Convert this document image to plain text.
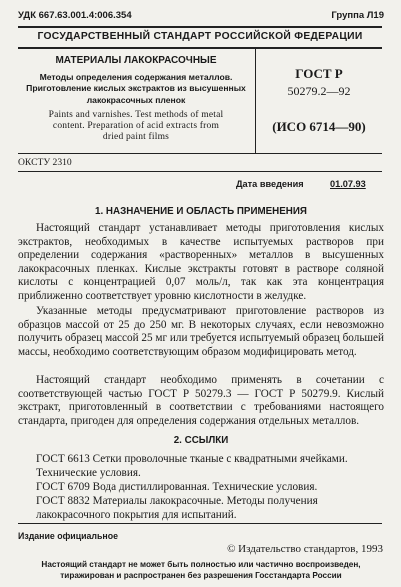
УДК 667.63.001.4:006.354	Группа Л19
ГОСУДАРСТВЕННЫЙ СТАНДАРТ РОССИЙСКОЙ ФЕДЕРАЦИИ
МАТЕРИАЛЫ ЛАКОКРАСОЧНЫЕ
Методы определения содержания металлов.
Приготовление кислых экстрактов из высушенных
лакокрасочных пленок
Paints and varnishes. Test methods of metal
content. Preparation of acid extracts from
dried paint films
ГОСТ Р
50279.2—92
(ИСО 6714—90)
ОКСТУ 2310
Дата введения	01.07.93
1. НАЗНАЧЕНИЕ И ОБЛАСТЬ ПРИМЕНЕНИЯ
Настоящий стандарт устанавливает методы приготовления кислых экстрактов, необходимых в качестве испытуемых растворов при определении содержания «растворенных» металлов в высушенных лакокрасочных пленках. Кислые экстракты готовят в растворе соляной кислоты с концентрацией 0,07 моль/л, так как эта концентрация приближенно соответствует уровню кислотности в желудке.
Указанные методы предусматривают приготовление растворов из образцов массой от 25 до 250 мг. В некоторых случаях, если невозможно получить образец массой 25 мг или требуется испытуемый образец большей массы, необходимо соответствующим образом модифицировать метод.
Настоящий стандарт необходимо применять в сочетании с соответствующей частью ГОСТ Р 50279.3 — ГОСТ Р 50279.9. Кислый экстракт, приготовленный в соответствии с требованиями настоящего стандарта, пригоден для определения содержания отдельных металлов.
2. ССЫЛКИ
ГОСТ 6613 Сетки проволочные тканые с квадратными ячейками. Технические условия.
ГОСТ 6709 Вода дистиллированная. Технические условия.
ГОСТ 8832 Материалы лакокрасочные. Методы получения лакокрасочного покрытия для испытаний.
Издание официальное
© Издательство стандартов, 1993
Настоящий стандарт не может быть полностью или частично воспроизведен,
тиражирован и распространен без разрешения Госстандарта России
